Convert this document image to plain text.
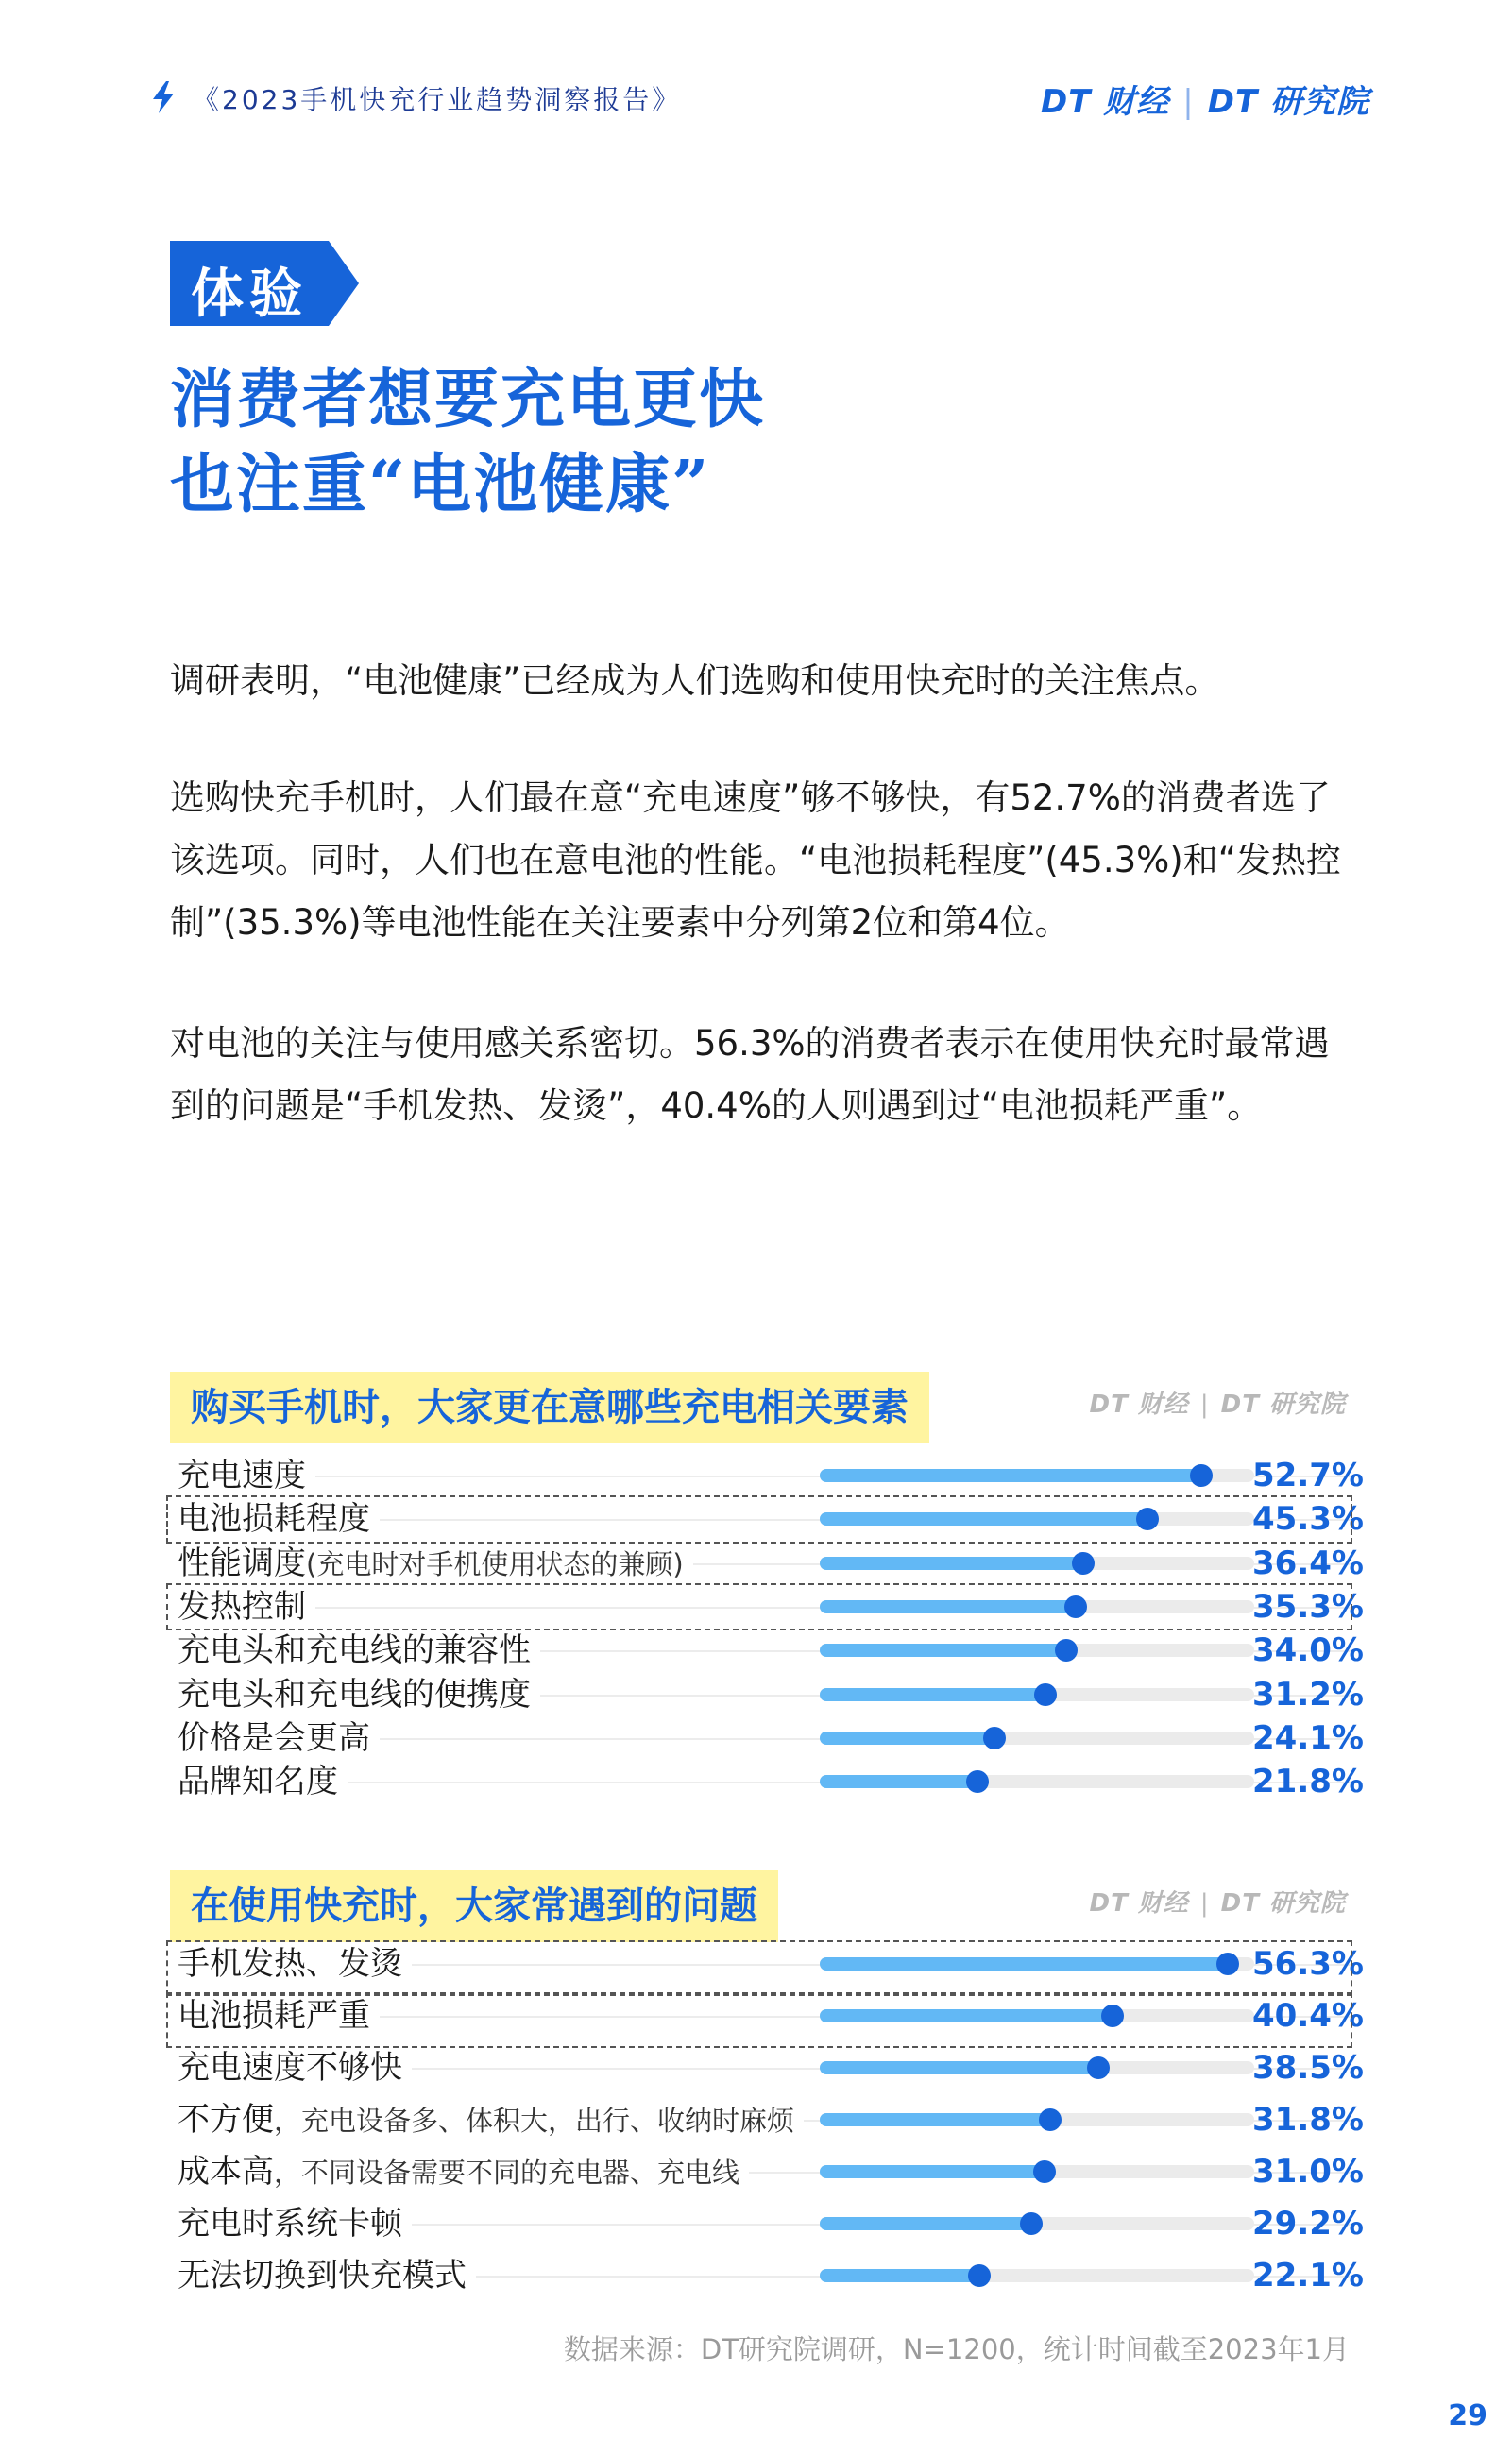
《2023手机快充行业趋势洞察报告》	DT 财经 | DT 研究院
体验
消费者想要充电更快
也注重“电池健康”
调研表明，“电池健康”已经成为人们选购和使用快充时的关注焦点。
选购快充手机时，人们最在意“充电速度”够不够快，有52.7%的消费者选了该选项。同时，人们也在意电池的性能。“电池损耗程度”(45.3%)和“发热控制”(35.3%)等电池性能在关注要素中分列第2位和第4位。
对电池的关注与使用感关系密切。56.3%的消费者表示在使用快充时最常遇到的问题是“手机发热、发烫”，40.4%的人则遇到过“电池损耗严重”。
购买手机时，大家更在意哪些充电相关要素	DT 财经 | DT 研究院
充电速度	52.7%
电池损耗程度	45.3%
性能调度(充电时对手机使用状态的兼顾)	36.4%
发热控制	35.3%
充电头和充电线的兼容性	34.0%
充电头和充电线的便携度	31.2%
价格是会更高	24.1%
品牌知名度	21.8%
在使用快充时，大家常遇到的问题	DT 财经 | DT 研究院
手机发热、发烫	56.3%
电池损耗严重	40.4%
充电速度不够快	38.5%
不方便，充电设备多、体积大，出行、收纳时麻烦	31.8%
成本高，不同设备需要不同的充电器、充电线	31.0%
充电时系统卡顿	29.2%
无法切换到快充模式	22.1%
数据来源：DT研究院调研，N=1200，统计时间截至2023年1月
29
